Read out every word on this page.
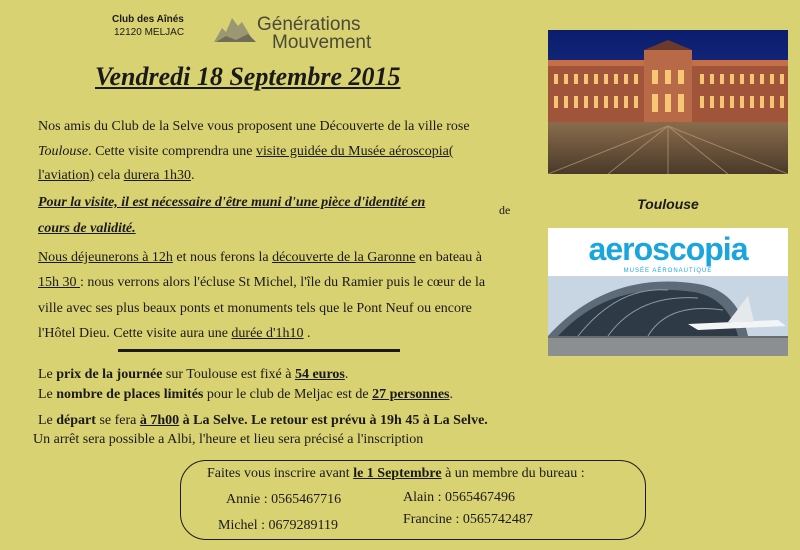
Club des Aînés
12120 MELJAC	Générations
Mouvement
Vendredi 18 Septembre 2015
Nos amis du Club de la Selve vous proposent une Découverte de la ville rose
Toulouse. Cette visite comprendra une visite guidée du Musée aéroscopia(
l'aviation) cela durera 1h30.
Pour la visite, il est nécessaire d'être muni d'une pièce d'identité en	de
cours de validité.
Nous déjeunerons à 12h et nous ferons la découverte de la Garonne en bateau à
15h 30 : nous verrons alors l'écluse St Michel, l'île du Ramier puis le cœur de la
ville avec ses plus beaux ponts et monuments tels que le Pont Neuf ou encore
l'Hôtel Dieu. Cette visite aura une durée d'1h10 .
Le prix de la journée sur Toulouse est fixé à 54 euros.
Le nombre de places limités pour le club de Meljac est de 27 personnes.
Le départ se fera à 7h00 à La Selve. Le retour est prévu à 19h 45 à La Selve.
Un arrêt sera possible a Albi, l'heure et lieu sera précisé a l'inscription
Toulouse
aeroscopia
MUSÉE AÉRONAUTIQUE
Faites vous inscrire avant le 1 Septembre à un membre du bureau :
Annie : 0565467716	Alain : 0565467496
Michel : 0679289119	Francine : 0565742487
